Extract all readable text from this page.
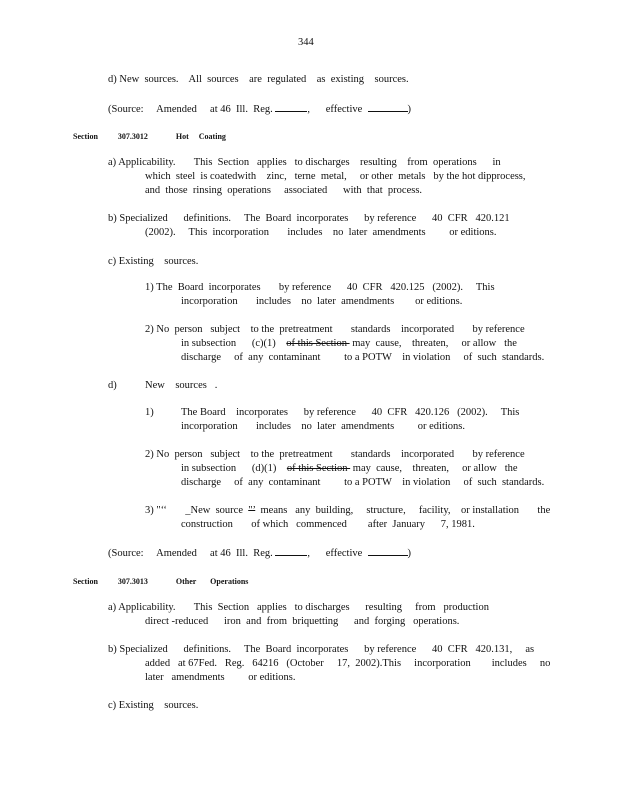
344
d) New  sources.    All  sources    are  regulated    as  existing    sources.
(Source:     Amended     at 46  Ill.  Reg.	,      effective	)
Section	307.3012	Hot     Coating
a) Applicability.       This  Section   applies   to discharges    resulting    from  operations      in
which  steel  is coatedwith    zinc,   terne  metal,     or other  metals   by the hot dipprocess,
and  those  rinsing  operations     associated      with  that  process.
b) Specialized      definitions.     The  Board  incorporates      by reference      40  CFR   420.121
(2002).     This  incorporation       includes    no  later  amendments         or editions.
c) Existing    sources.
1) The  Board  incorporates       by reference      40  CFR   420.125   (2002).     This
incorporation       includes    no  later  amendments        or editions.
2) No  person   subject    to the  pretreatment       standards    incorporated       by reference
in subsection      (c)(1)    of this Section  may  cause,    threaten,     or allow   the
discharge     of  any  contaminant         to a POTW    in violation     of  such  standards.
d)	New    sources   .
1)	The Board    incorporates      by reference      40  CFR   420.126   (2002).     This
incorporation       includes    no  later  amendments         or editions.
2) No  person   subject    to the  pretreatment       standards    incorporated       by reference
in subsection      (d)(1)    of this Section  may  cause,    threaten,     or allow   the
discharge     of  any  contaminant         to a POTW    in violation     of  such  standards.
3) "‘‘       _New  source  "’  means   any  building,     structure,     facility,    or installation       the
construction       of which   commenced        after  January      7, 1981.
(Source:     Amended     at 46  Ill.  Reg.	,      effective	)
Section	307.3013	Other       Operations
a) Applicability.       This  Section   applies   to discharges      resulting     from   production
direct -reduced      iron  and  from  briquetting      and  forging   operations.
b) Specialized      definitions.     The  Board  incorporates      by reference      40  CFR   420.131,     as
added   at 67Fed.   Reg.   64216   (October     17,  2002).This     incorporation        includes     no
later   amendments         or editions.
c) Existing    sources.
